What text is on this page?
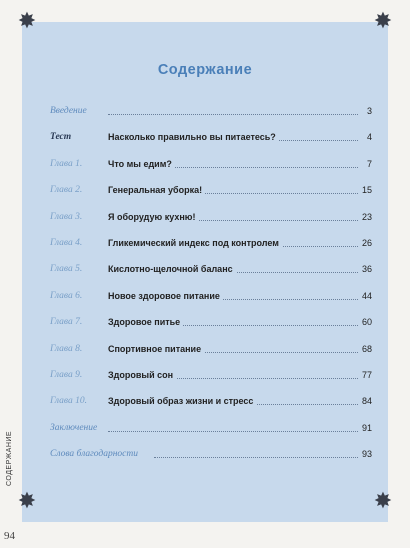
Содержание
Введение	3
Тест	Насколько правильно вы питаетесь?	4
Глава 1.	Что мы едим?	7
Глава 2.	Генеральная уборка!	15
Глава 3.	Я оборудую кухню!	23
Глава 4.	Гликемический индекс под контролем	26
Глава 5.	Кислотно-щелочной баланс	36
Глава 6.	Новое здоровое питание	44
Глава 7.	Здоровое питье	60
Глава 8.	Спортивное питание	68
Глава 9.	Здоровый сон	77
Глава 10. Здоровый образ жизни и стресс	84
Заключение	91
Слова благодарности	93
✸	✸
✸	✸
СОДЕРЖАНИЕ
94
